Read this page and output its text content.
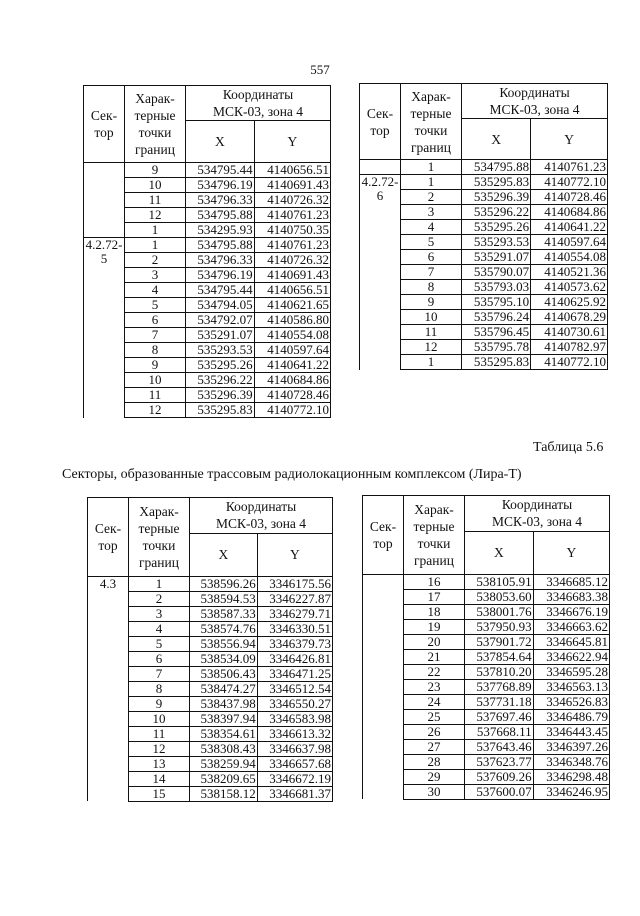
557
Сек-
тор	Харак-
терные
точки
границ	Координаты
МСК-03, зона 4	
		X	Y
	9	534795.44	4140656.51
	10	534796.19	4140691.43
	11	534796.33	4140726.32
	12	534795.88	4140761.23
	1	534295.93	4140750.35
4.2.72-
5	1	534795.88	4140761.23
	2	534796.33	4140726.32
	3	534796.19	4140691.43
	4	534795.44	4140656.51
	5	534794.05	4140621.65
	6	534792.07	4140586.80
	7	535291.07	4140554.08
	8	535293.53	4140597.64
	9	535295.26	4140641.22
	10	535296.22	4140684.86
	11	535296.39	4140728.46
	12	535295.83	4140772.10
Сек-
тор	Харак-
терные
точки
границ	Координаты
МСК-03, зона 4	
		X	Y
	1	534795.88	4140761.23
4.2.72-
6	1	535295.83	4140772.10
	2	535296.39	4140728.46
	3	535296.22	4140684.86
	4	535295.26	4140641.22
	5	535293.53	4140597.64
	6	535291.07	4140554.08
	7	535790.07	4140521.36
	8	535793.03	4140573.62
	9	535795.10	4140625.92
	10	535796.24	4140678.29
	11	535796.45	4140730.61
	12	535795.78	4140782.97
	1	535295.83	4140772.10
Таблица 5.6
Секторы, образованные трассовым радиолокационным комплексом (Лира-Т)
Сек-
тор	Харак-
терные
точки
границ	Координаты
МСК-03, зона 4	
		X	Y
4.3	1	538596.26	3346175.56
	2	538594.53	3346227.87
	3	538587.33	3346279.71
	4	538574.76	3346330.51
	5	538556.94	3346379.73
	6	538534.09	3346426.81
	7	538506.43	3346471.25
	8	538474.27	3346512.54
	9	538437.98	3346550.27
	10	538397.94	3346583.98
	11	538354.61	3346613.32
	12	538308.43	3346637.98
	13	538259.94	3346657.68
	14	538209.65	3346672.19
	15	538158.12	3346681.37
Сек-
тор	Харак-
терные
точки
границ	Координаты
МСК-03, зона 4	
		X	Y
	16	538105.91	3346685.12
	17	538053.60	3346683.38
	18	538001.76	3346676.19
	19	537950.93	3346663.62
	20	537901.72	3346645.81
	21	537854.64	3346622.94
	22	537810.20	3346595.28
	23	537768.89	3346563.13
	24	537731.18	3346526.83
	25	537697.46	3346486.79
	26	537668.11	3346443.45
	27	537643.46	3346397.26
	28	537623.77	3346348.76
	29	537609.26	3346298.48
	30	537600.07	3346246.95
